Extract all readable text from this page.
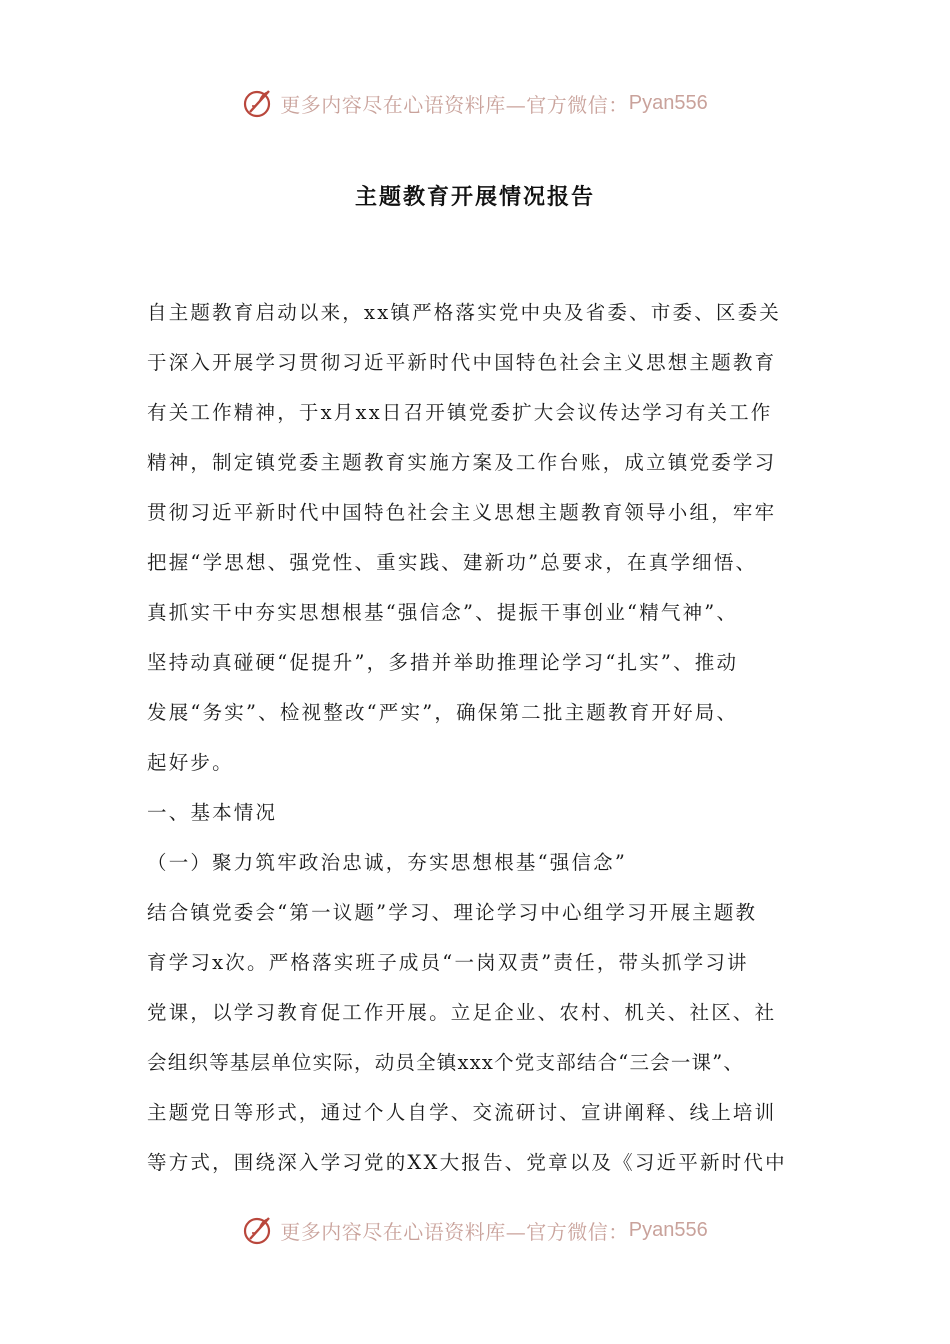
更多内容尽在心语资料库—官方微信： Pyan556
主题教育开展情况报告
自主题教育启动以来，xx镇严格落实党中央及省委、市委、区委关
于深入开展学习贯彻习近平新时代中国特色社会主义思想主题教育
有关工作精神，于x月xx日召开镇党委扩大会议传达学习有关工作
精神，制定镇党委主题教育实施方案及工作台账，成立镇党委学习
贯彻习近平新时代中国特色社会主义思想主题教育领导小组，牢牢
把握“学思想、强党性、重实践、建新功”总要求，在真学细悟、
真抓实干中夯实思想根基“强信念”、提振干事创业“精气神”、
坚持动真碰硬“促提升”，多措并举助推理论学习“扎实”、推动
发展“务实”、检视整改“严实”，确保第二批主题教育开好局、
起好步。
一、基本情况
（一）聚力筑牢政治忠诚，夯实思想根基“强信念”
结合镇党委会“第一议题”学习、理论学习中心组学习开展主题教
育学习x次。严格落实班子成员“一岗双责”责任，带头抓学习讲
党课，以学习教育促工作开展。立足企业、农村、机关、社区、社
会组织等基层单位实际，动员全镇xxx个党支部结合“三会一课”、
主题党日等形式，通过个人自学、交流研讨、宣讲阐释、线上培训
等方式，围绕深入学习党的XX大报告、党章以及《习近平新时代中
更多内容尽在心语资料库—官方微信： Pyan556
